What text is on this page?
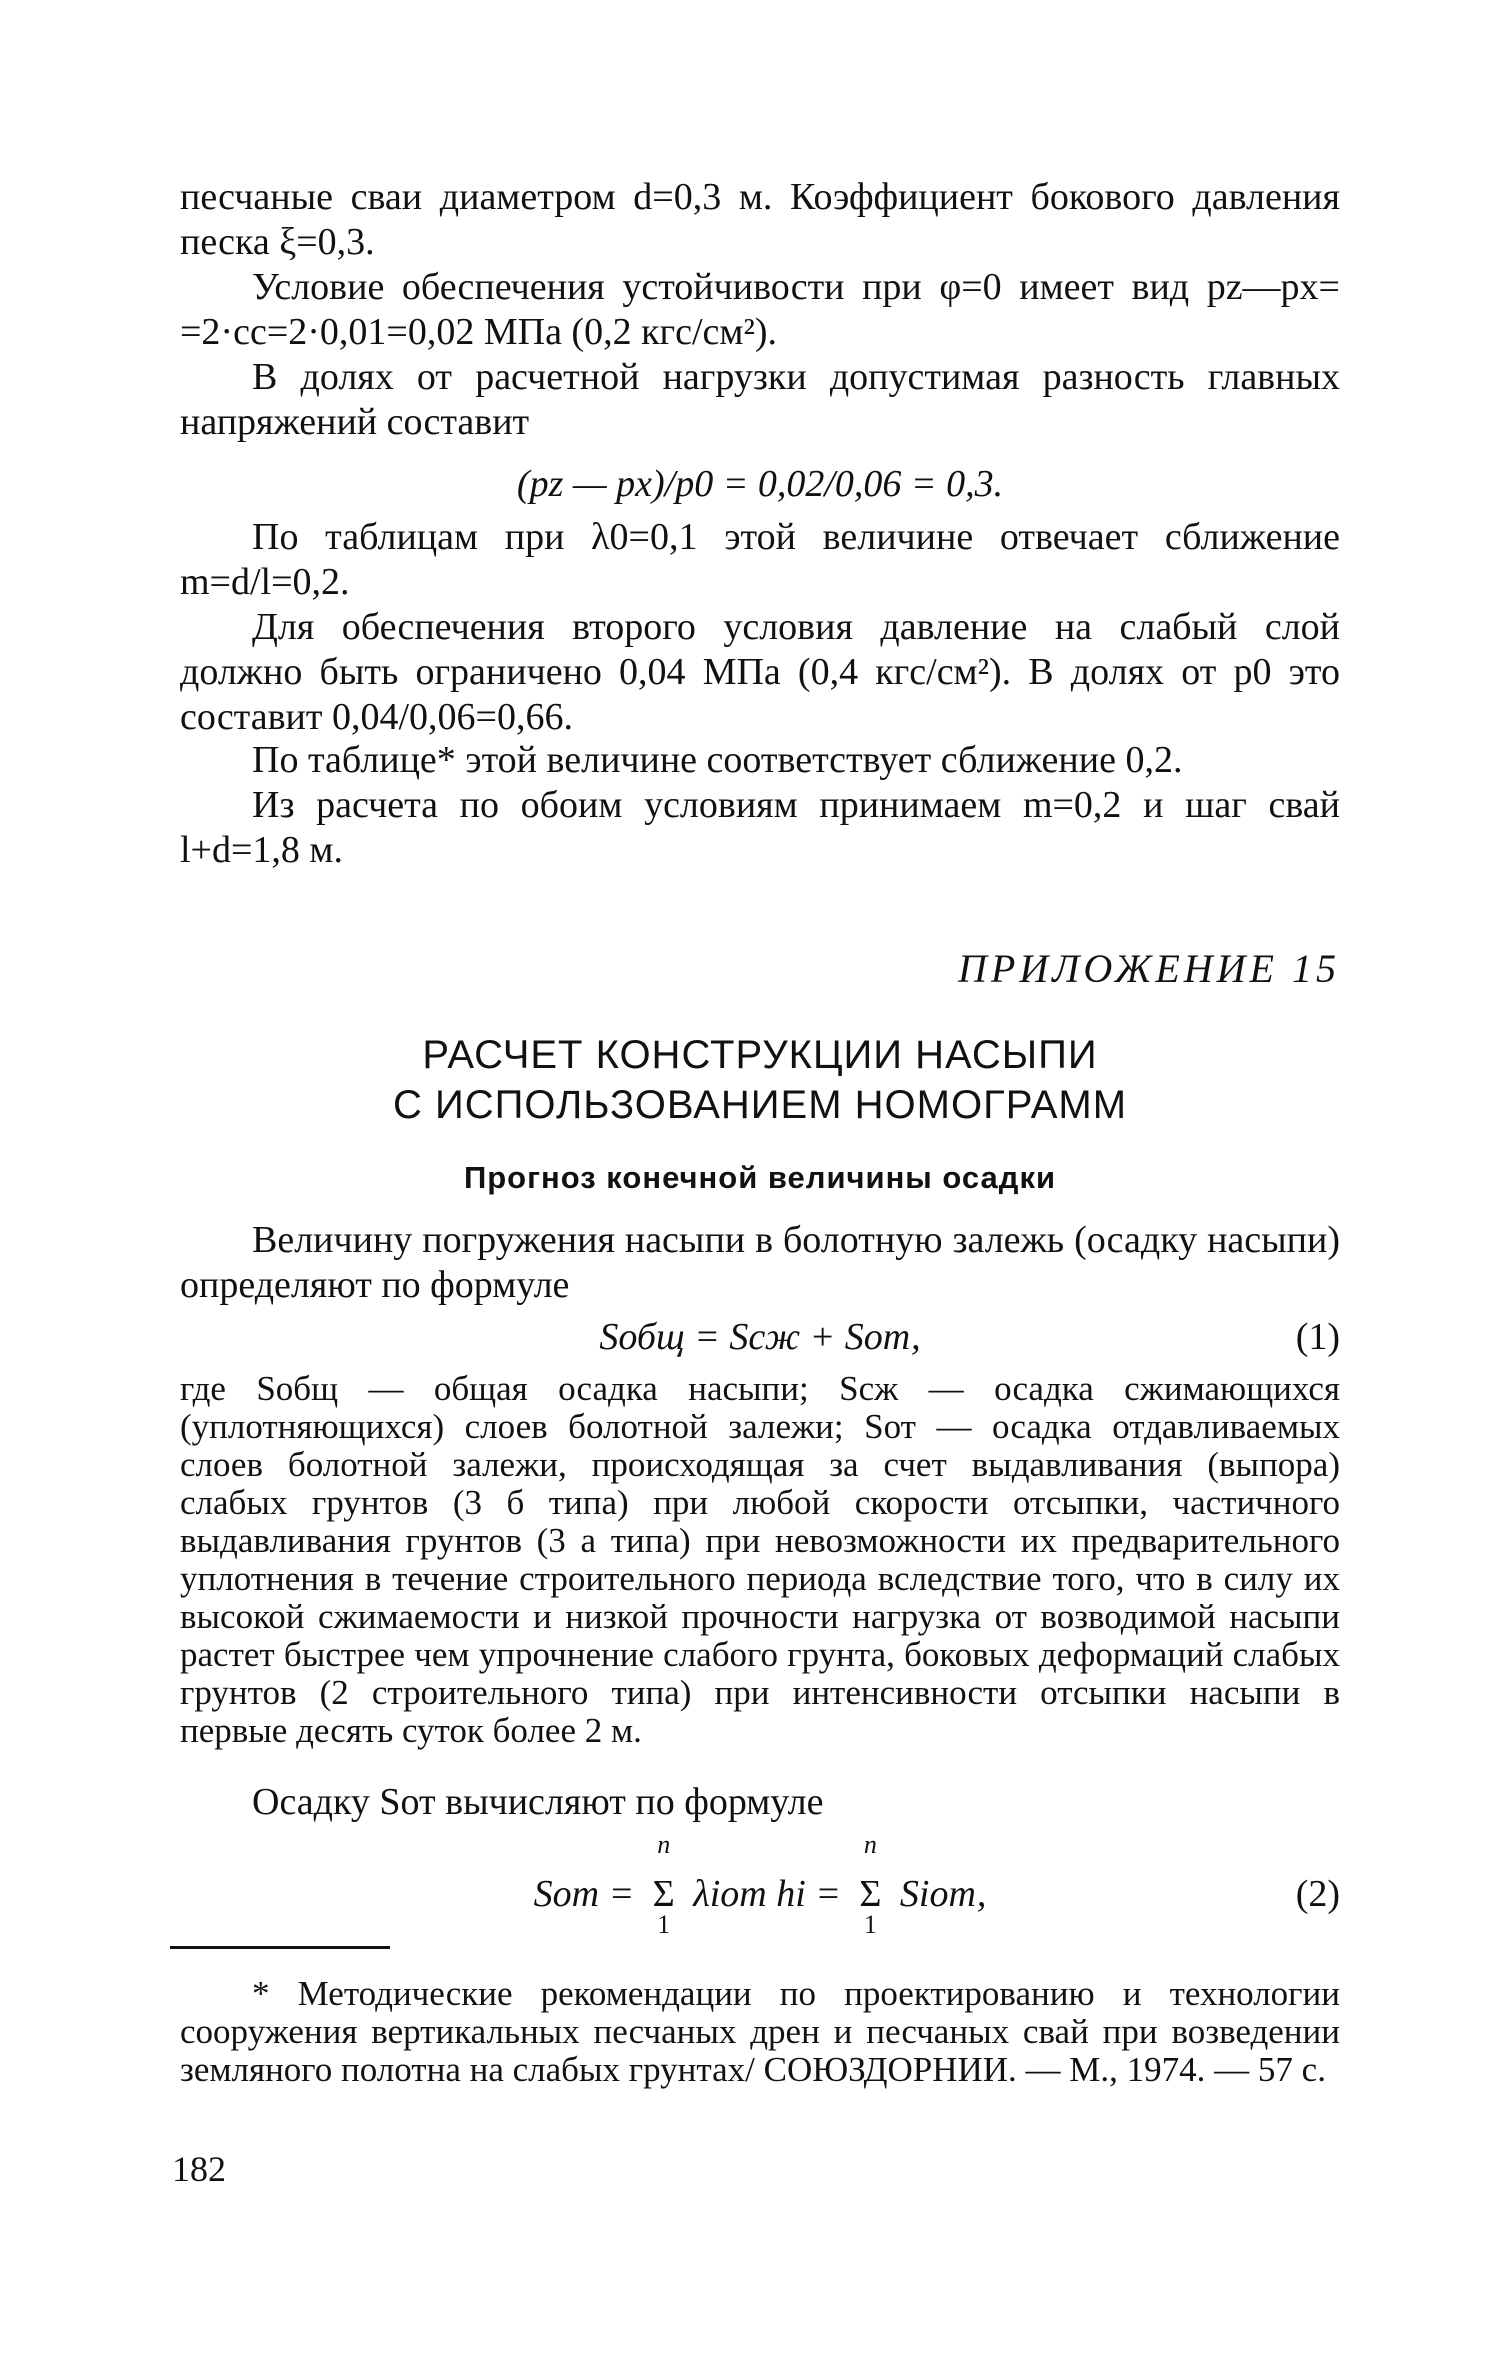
песчаные сваи диаметром d=0,3 м. Коэффициент бокового давления песка ξ=0,3.

Условие обеспечения устойчивости при φ=0 имеет вид pz—px= =2·cc=2·0,01=0,02 МПа (0,2 кгс/см²).

В долях от расчетной нагрузки допустимая разность главных напряжений составит

(pz — px)/p0 = 0,02/0,06 = 0,3.

По таблицам при λ0=0,1 этой величине отвечает сближение m=d/l=0,2.

Для обеспечения второго условия давление на слабый слой должно быть ограничено 0,04 МПа (0,4 кгс/см²). В долях от p0 это составит 0,04/0,06=0,66.

По таблице* этой величине соответствует сближение 0,2.

Из расчета по обоим условиям принимаем m=0,2 и шаг свай l+d=1,8 м.

ПРИЛОЖЕНИЕ 15
РАСЧЕТ КОНСТРУКЦИИ НАСЫПИ
С ИСПОЛЬЗОВАНИЕМ НОМОГРАММ
Прогноз конечной величины осадки

Величину погружения насыпи в болотную залежь (осадку насыпи) определяют по формуле

Sобщ = Sсж + Sот,	(1)

где Sобщ — общая осадка насыпи; Sсж — осадка сжимающихся (уплотняющихся) слоев болотной залежи; Sот — осадка отдавливаемых слоев болотной залежи, происходящая за счет выдавливания (выпора) слабых грунтов (3 б типа) при любой скорости отсыпки, частичного выдавливания грунтов (3 а типа) при невозможности их предварительного уплотнения в течение строительного периода вследствие того, что в силу их высокой сжимаемости и низкой прочности нагрузка от возводимой насыпи растет быстрее чем упрочнение слабого грунта, боковых деформаций слабых грунтов (2 строительного типа) при интенсивности отсыпки насыпи в первые десять суток более 2 м.

Осадку Sот вычисляют по формуле

Sот =
n
Σ
1
λiот hi =
n
Σ
1
Siот,	(2)

* Методические рекомендации по проектированию и технологии сооружения вертикальных песчаных дрен и песчаных свай при возведении земляного полотна на слабых грунтах/ СОЮЗДОРНИИ. — М., 1974. — 57 с.

182
